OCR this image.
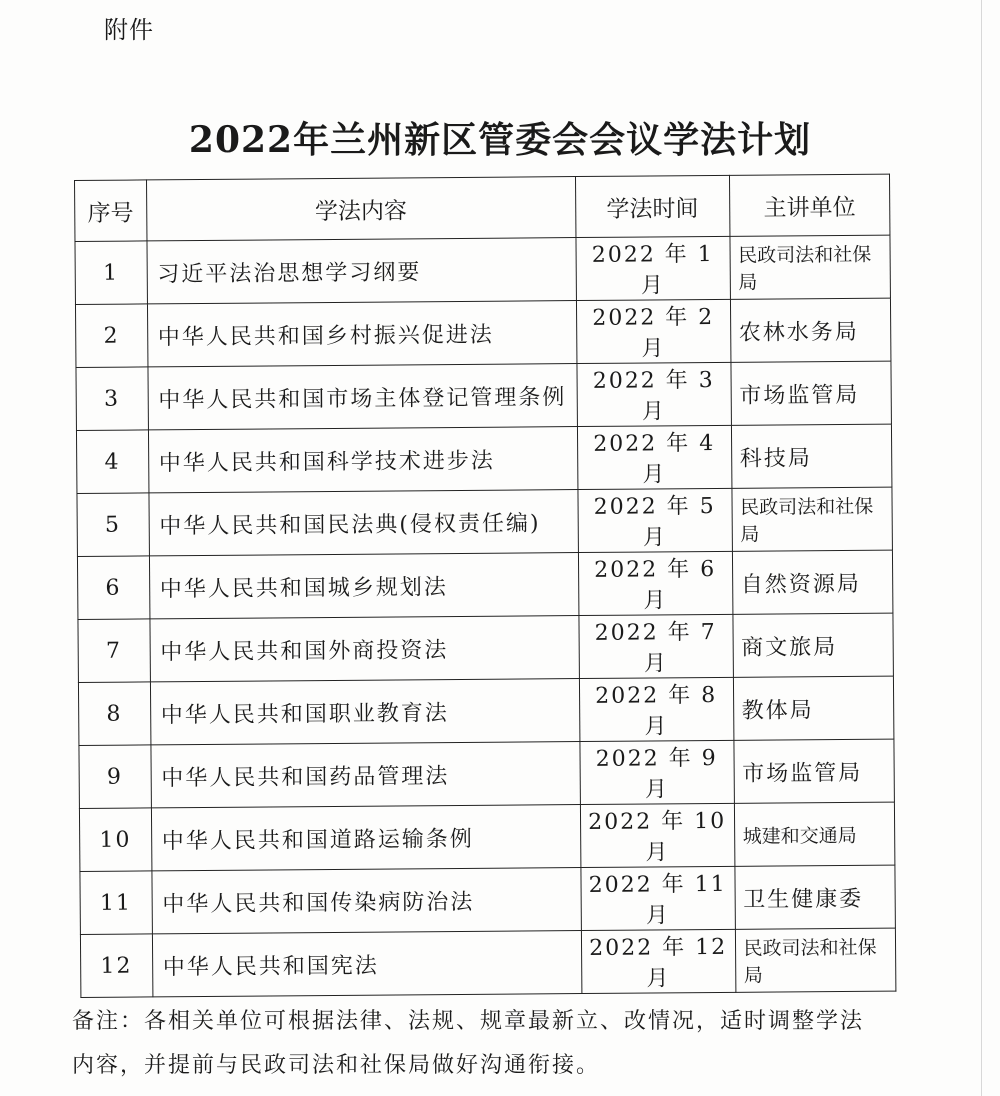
附件
2022年兰州新区管委会会议学法计划
序号	学法内容	学法时间	主讲单位
1	习近平法治思想学习纲要	2022 年 1 月	民政司法和社保局
2	中华人民共和国乡村振兴促进法	2022 年 2 月	农林水务局
3	中华人民共和国市场主体登记管理条例	2022 年 3 月	市场监管局
4	中华人民共和国科学技术进步法	2022 年 4 月	科技局
5	中华人民共和国民法典(侵权责任编)	2022 年 5 月	民政司法和社保局
6	中华人民共和国城乡规划法	2022 年 6 月	自然资源局
7	中华人民共和国外商投资法	2022 年 7 月	商文旅局
8	中华人民共和国职业教育法	2022 年 8 月	教体局
9	中华人民共和国药品管理法	2022 年 9 月	市场监管局
10	中华人民共和国道路运输条例	2022 年 10 月	城建和交通局
11	中华人民共和国传染病防治法	2022 年 11 月	卫生健康委
12	中华人民共和国宪法	2022 年 12 月	民政司法和社保局
备注：各相关单位可根据法律、法规、规章最新立、改情况，适时调整学法内容，并提前与民政司法和社保局做好沟通衔接。
